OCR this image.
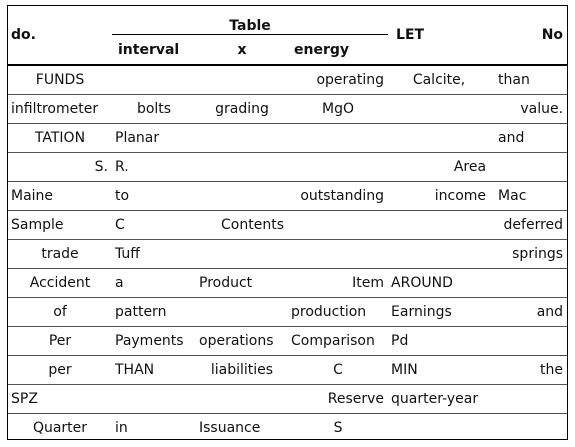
do.	Table			LET	No
	interval	x	energy		
FUNDS			operating	Calcite,	than
infiltrometer	bolts	grading	MgO		value.
TATION	Planar				and
S.	R.			Area	
Maine	to		outstanding	income	Mac
Sample	C	Contents			deferred
trade	Tuff				springs
Accident	a	Product	Item	AROUND	
of	pattern		production	Earnings	and
Per	Payments	operations	Comparison	Pd	
per	THAN	liabilities	C	MIN	the
SPZ			Reserve	quarter-year	
Quarter	in	Issuance	S		
